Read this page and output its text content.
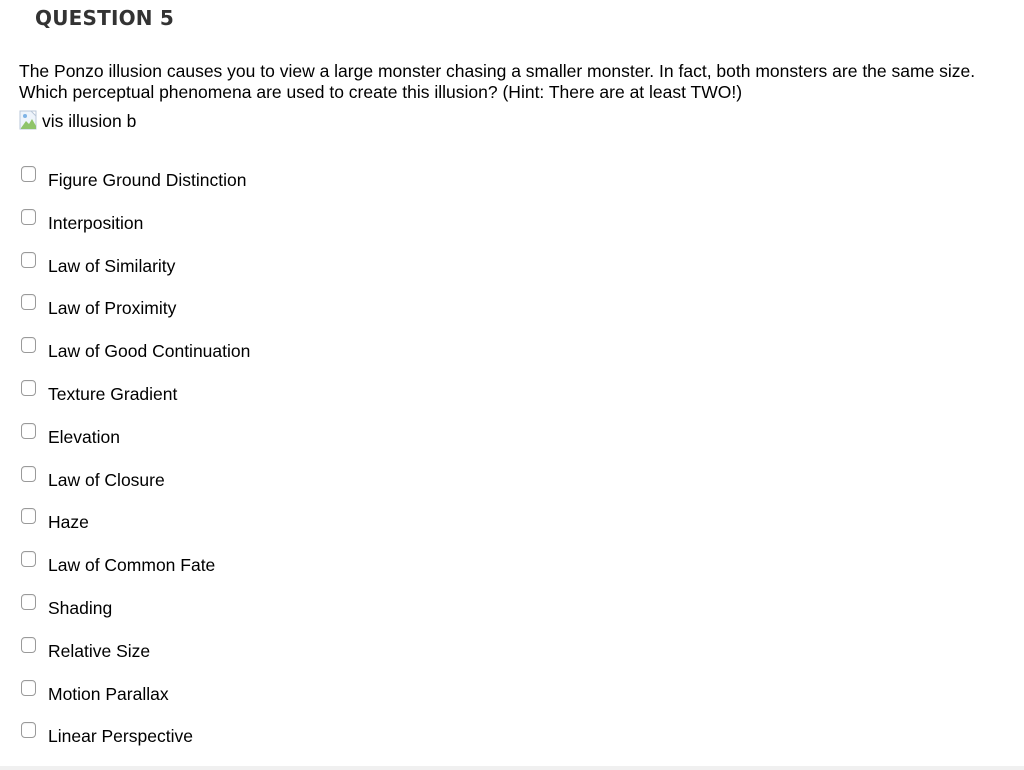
QUESTION 5
The Ponzo illusion causes you to view a large monster chasing a smaller monster. In fact, both monsters are the same size. Which perceptual phenomena are used to create this illusion? (Hint: There are at least TWO!)
vis illusion b
Figure Ground Distinction
Interposition
Law of Similarity
Law of Proximity
Law of Good Continuation
Texture Gradient
Elevation
Law of Closure
Haze
Law of Common Fate
Shading
Relative Size
Motion Parallax
Linear Perspective
